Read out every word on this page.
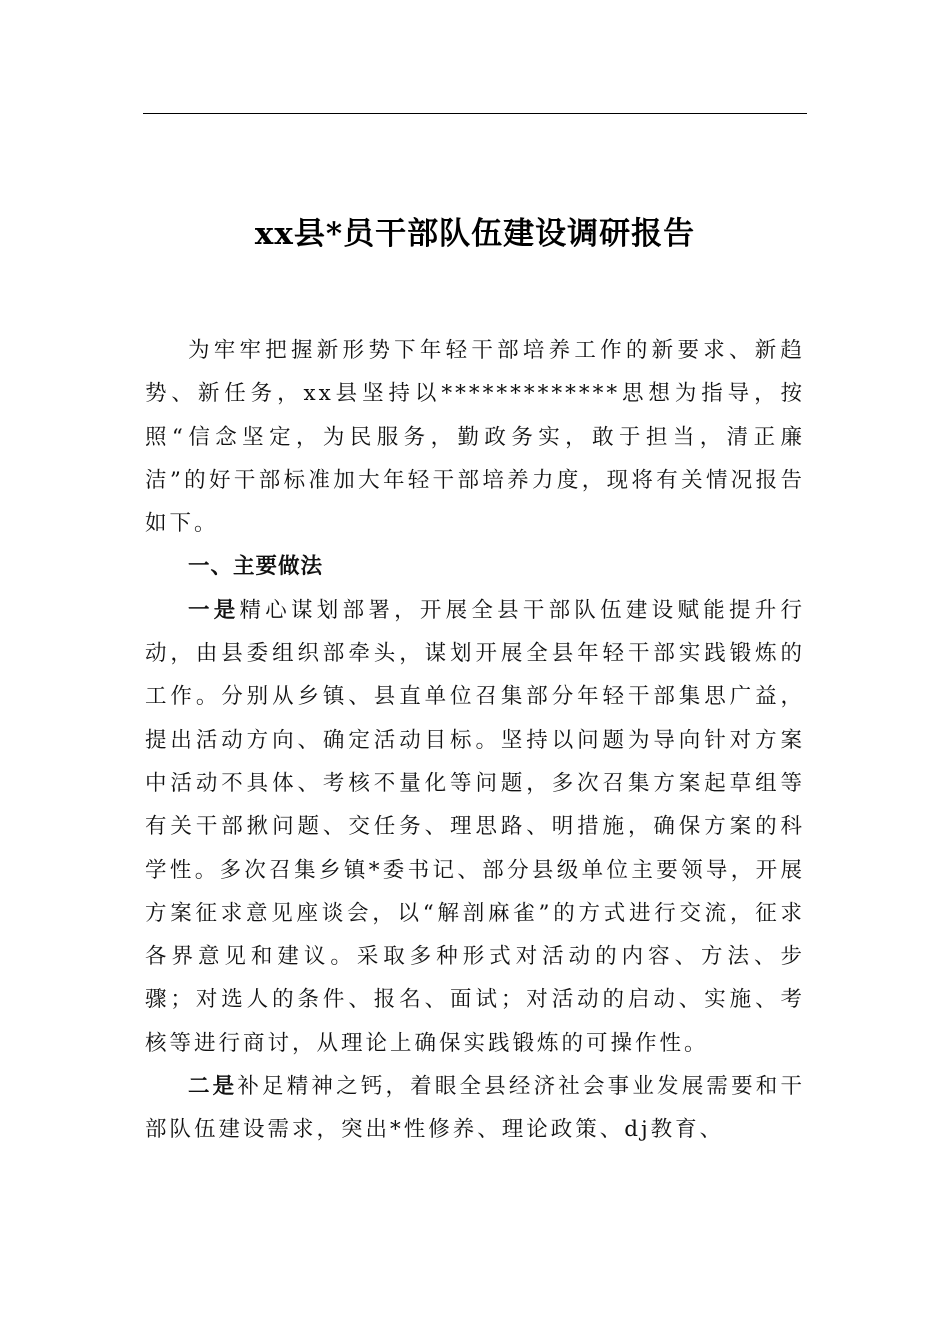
xx县*员干部队伍建设调研报告

为牢牢把握新形势下年轻干部培养工作的新要求、新趋势、新任务，xx县坚持以*************思想为指导，按照“信念坚定，为民服务，勤政务实，敢于担当，清正廉洁”的好干部标准加大年轻干部培养力度，现将有关情况报告如下。

一、主要做法

一是精心谋划部署，开展全县干部队伍建设赋能提升行动，由县委组织部牵头，谋划开展全县年轻干部实践锻炼的工作。分别从乡镇、县直单位召集部分年轻干部集思广益，提出活动方向、确定活动目标。坚持以问题为导向针对方案中活动不具体、考核不量化等问题，多次召集方案起草组等有关干部揪问题、交任务、理思路、明措施，确保方案的科学性。多次召集乡镇*委书记、部分县级单位主要领导，开展方案征求意见座谈会，以“解剖麻雀”的方式进行交流，征求各界意见和建议。采取多种形式对活动的内容、方法、步骤；对选人的条件、报名、面试；对活动的启动、实施、考核等进行商讨，从理论上确保实践锻炼的可操作性。

二是补足精神之钙，着眼全县经济社会事业发展需要和干部队伍建设需求，突出*性修养、理论政策、dj教育、
